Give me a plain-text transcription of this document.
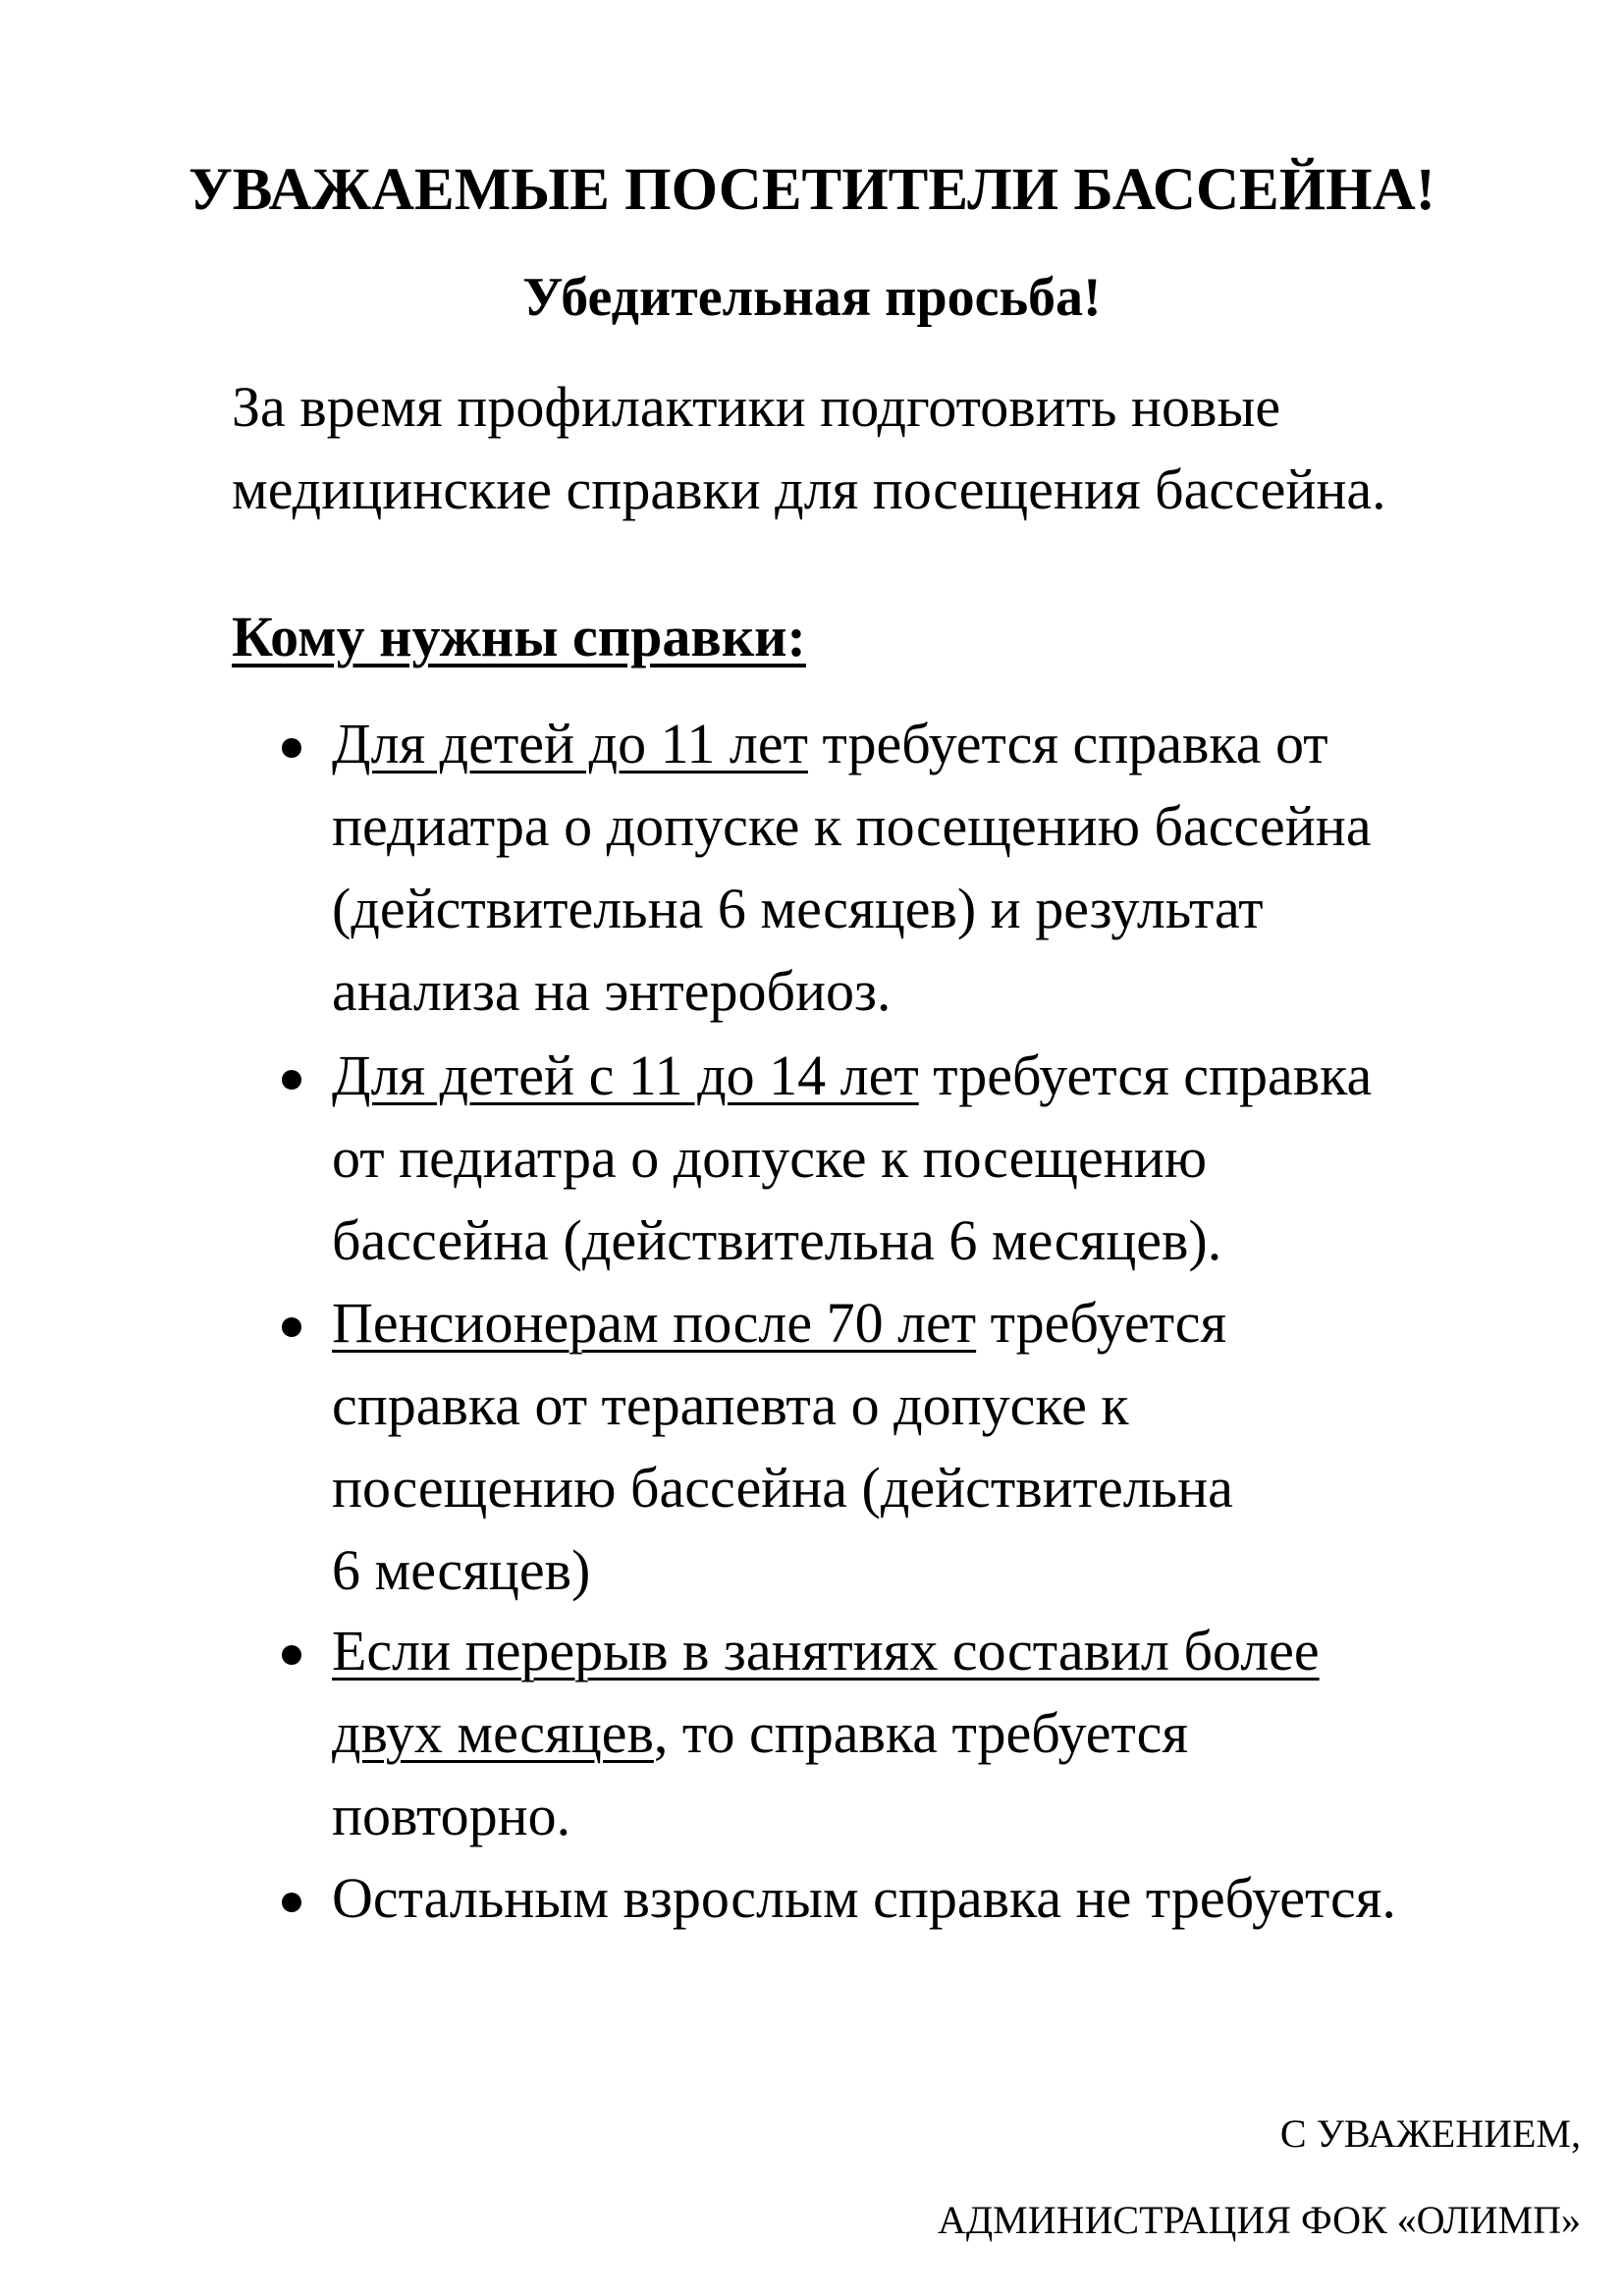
УВАЖАЕМЫЕ ПОСЕТИТЕЛИ БАССЕЙНА!
Убедительная просьба!

За время профилактики подготовить новые
медицинские справки для посещения бассейна.

Кому нужны справки:

Для детей до 11 лет требуется справка от
педиатра о допуске к посещению бассейна
(действительна 6 месяцев) и результат
анализа на энтеробиоз.

Для детей с 11 до 14 лет требуется справка
от педиатра о допуске к посещению
бассейна (действительна 6 месяцев).

Пенсионерам после 70 лет требуется
справка от терапевта о допуске к
посещению бассейна (действительна
6 месяцев)

Если перерыв в занятиях составил более
двух месяцев, то справка требуется
повторно.

Остальным взрослым справка не требуется.

С УВАЖЕНИЕМ,
АДМИНИСТРАЦИЯ ФОК «ОЛИМП»
